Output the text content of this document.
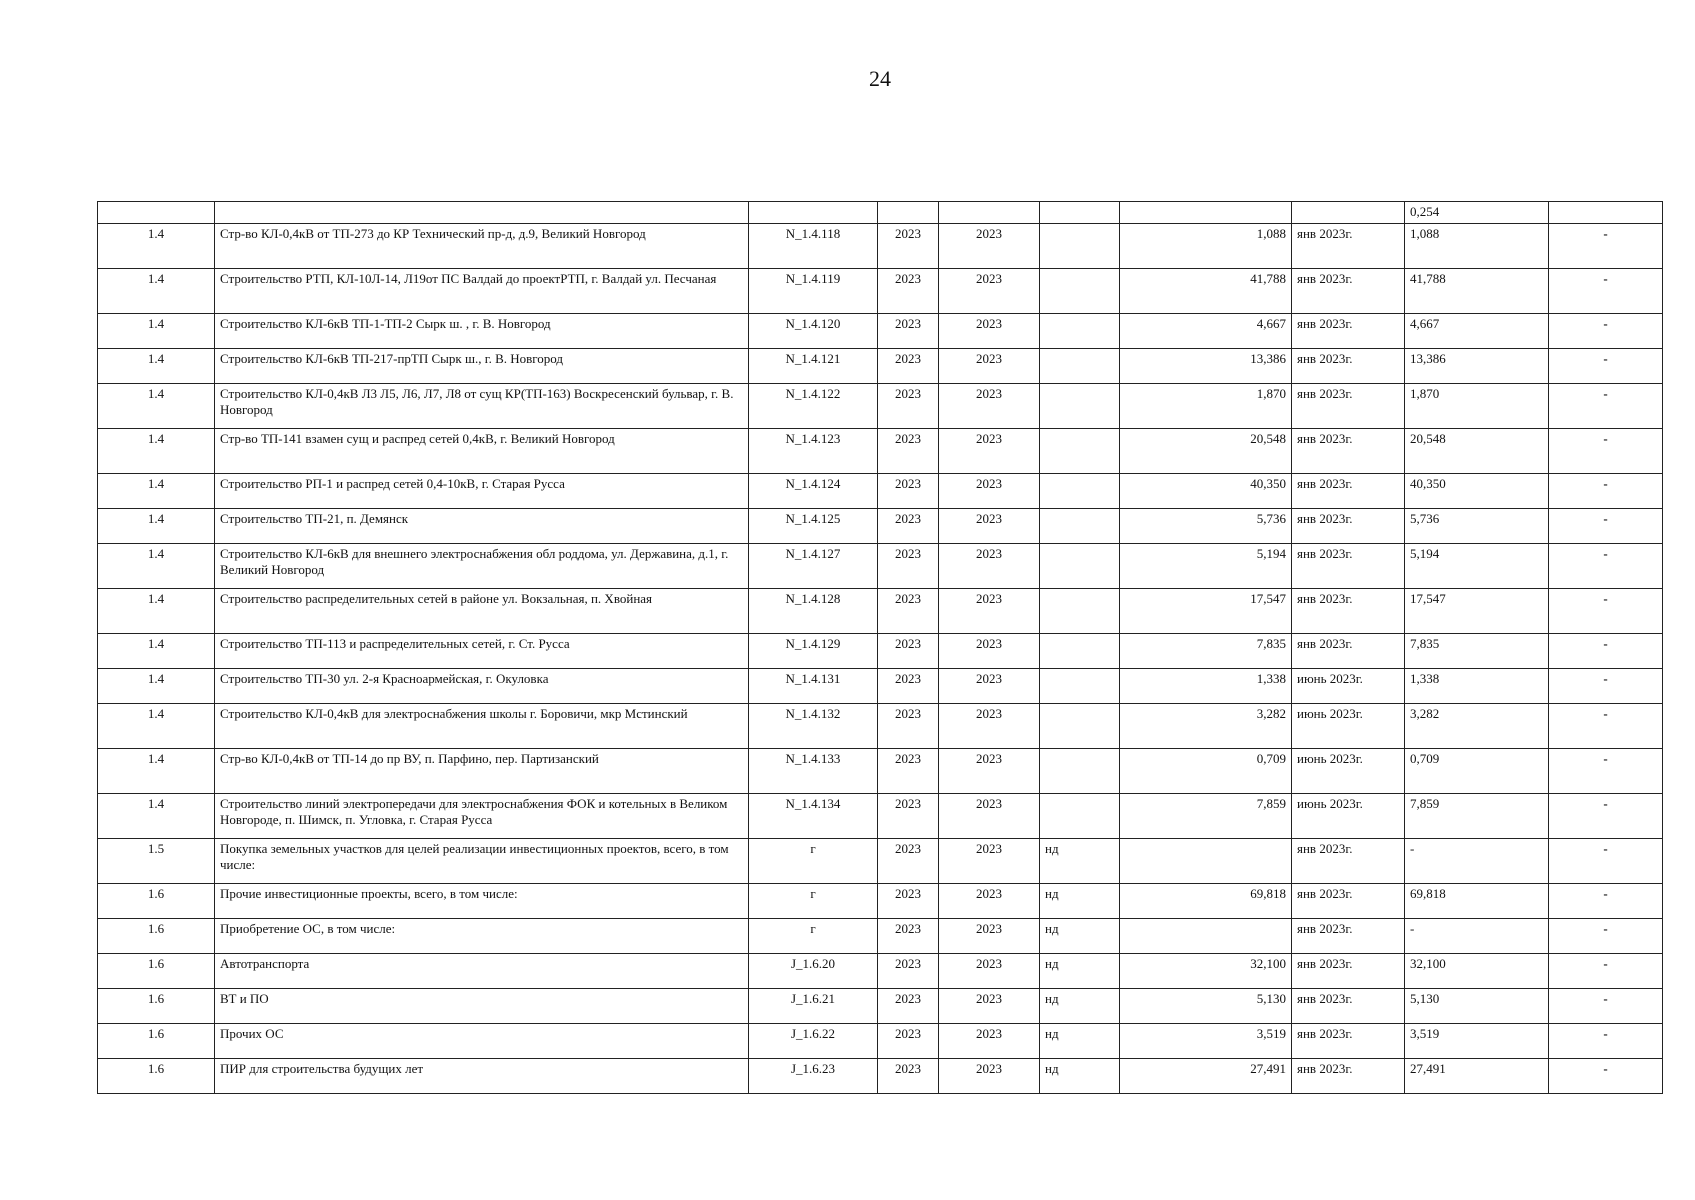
24
								0,254	
1.4	Стр-во КЛ-0,4кВ от ТП-273 до КР Технический пр-д, д.9, Великий Новгород	N_1.4.118	2023	2023		1,088	янв 2023г.	1,088	-
1.4	Строительство РТП, КЛ-10Л-14, Л19от ПС Валдай до проектРТП, г. Валдай ул. Песчаная	N_1.4.119	2023	2023		41,788	янв 2023г.	41,788	-
1.4	Строительство КЛ-6кВ ТП-1-ТП-2 Сырк ш. , г. В. Новгород	N_1.4.120	2023	2023		4,667	янв 2023г.	4,667	-
1.4	Строительство КЛ-6кВ ТП-217-прТП Сырк ш., г. В. Новгород	N_1.4.121	2023	2023		13,386	янв 2023г.	13,386	-
1.4	Строительство КЛ-0,4кВ Л3 Л5, Л6, Л7, Л8 от сущ КР(ТП-163) Воскресенский бульвар, г. В. Новгород	N_1.4.122	2023	2023		1,870	янв 2023г.	1,870	-
1.4	Стр-во ТП-141 взамен сущ и распред сетей 0,4кВ, г. Великий Новгород	N_1.4.123	2023	2023		20,548	янв 2023г.	20,548	-
1.4	Строительство РП-1 и распред сетей 0,4-10кВ, г. Старая Русса	N_1.4.124	2023	2023		40,350	янв 2023г.	40,350	-
1.4	Строительство ТП-21, п. Демянск	N_1.4.125	2023	2023		5,736	янв 2023г.	5,736	-
1.4	Строительство КЛ-6кВ для внешнего электроснабжения обл роддома, ул. Державина, д.1, г. Великий Новгород	N_1.4.127	2023	2023		5,194	янв 2023г.	5,194	-
1.4	Строительство распределительных сетей в районе ул. Вокзальная, п. Хвойная	N_1.4.128	2023	2023		17,547	янв 2023г.	17,547	-
1.4	Строительство ТП-113 и распределительных сетей, г. Ст. Русса	N_1.4.129	2023	2023		7,835	янв 2023г.	7,835	-
1.4	Строительство ТП-30 ул. 2-я Красноармейская, г. Окуловка	N_1.4.131	2023	2023		1,338	июнь 2023г.	1,338	-
1.4	Строительство КЛ-0,4кВ для электроснабжения школы г. Боровичи, мкр Мстинский	N_1.4.132	2023	2023		3,282	июнь 2023г.	3,282	-
1.4	Стр-во КЛ-0,4кВ от ТП-14 до пр ВУ, п. Парфино, пер. Партизанский	N_1.4.133	2023	2023		0,709	июнь 2023г.	0,709	-
1.4	Строительство линий электропередачи для электроснабжения ФОК и котельных в Великом Новгороде, п. Шимск, п. Угловка, г. Старая Русса	N_1.4.134	2023	2023		7,859	июнь 2023г.	7,859	-
1.5	Покупка земельных участков для целей реализации инвестиционных проектов, всего, в том числе:	г	2023	2023	нд		янв 2023г.	-	-
1.6	Прочие инвестиционные проекты, всего, в том числе:	г	2023	2023	нд	69,818	янв 2023г.	69,818	-
1.6	Приобретение ОС, в том числе:	г	2023	2023	нд		янв 2023г.	-	-
1.6	Автотранспорта	J_1.6.20	2023	2023	нд	32,100	янв 2023г.	32,100	-
1.6	ВТ и ПО	J_1.6.21	2023	2023	нд	5,130	янв 2023г.	5,130	-
1.6	Прочих ОС	J_1.6.22	2023	2023	нд	3,519	янв 2023г.	3,519	-
1.6	ПИР для строительства будущих лет	J_1.6.23	2023	2023	нд	27,491	янв 2023г.	27,491	-
